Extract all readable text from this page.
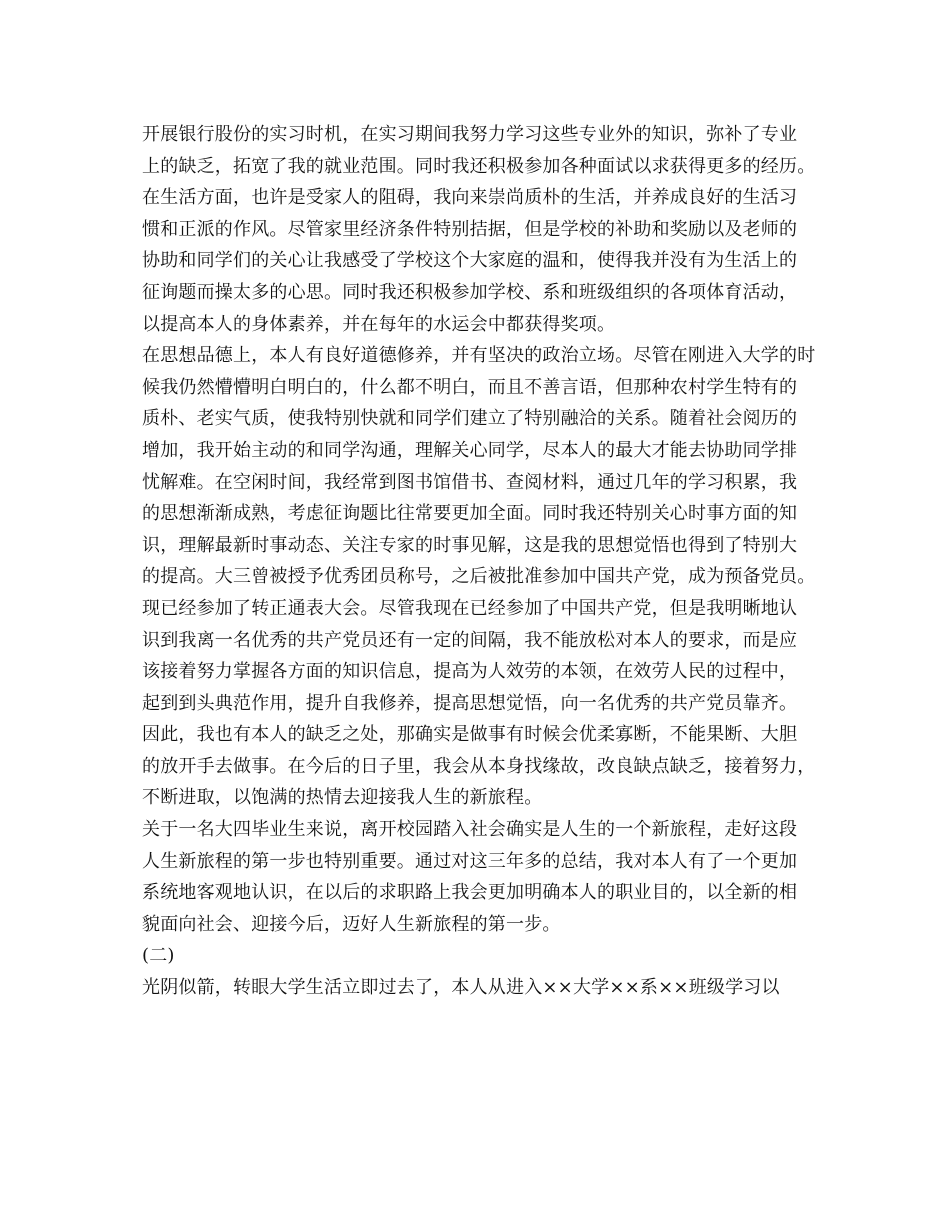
开展银行股份的实习时机，在实习期间我努力学习这些专业外的知识，弥补了专业
上的缺乏，拓宽了我的就业范围。同时我还积极参加各种面试以求获得更多的经历。
在生活方面，也许是受家人的阻碍，我向来崇尚质朴的生活，并养成良好的生活习
惯和正派的作风。尽管家里经济条件特别拮据，但是学校的补助和奖励以及老师的
协助和同学们的关心让我感受了学校这个大家庭的温和，使得我并没有为生活上的
征询题而操太多的心思。同时我还积极参加学校、系和班级组织的各项体育活动，
以提高本人的身体素养，并在每年的水运会中都获得奖项。
在思想品德上，本人有良好道德修养，并有坚决的政治立场。尽管在刚进入大学的时
候我仍然懵懵明白明白的，什么都不明白，而且不善言语，但那种农村学生特有的
质朴、老实气质，使我特别快就和同学们建立了特别融洽的关系。随着社会阅历的
增加，我开始主动的和同学沟通，理解关心同学，尽本人的最大才能去协助同学排
忧解难。在空闲时间，我经常到图书馆借书、查阅材料，通过几年的学习积累，我
的思想渐渐成熟，考虑征询题比往常要更加全面。同时我还特别关心时事方面的知
识，理解最新时事动态、关注专家的时事见解，这是我的思想觉悟也得到了特别大
的提高。大三曾被授予优秀团员称号，之后被批准参加中国共产党，成为预备党员。
现已经参加了转正通表大会。尽管我现在已经参加了中国共产党，但是我明晰地认
识到我离一名优秀的共产党员还有一定的间隔，我不能放松对本人的要求，而是应
该接着努力掌握各方面的知识信息，提高为人效劳的本领，在效劳人民的过程中，
起到到头典范作用，提升自我修养，提高思想觉悟，向一名优秀的共产党员靠齐。
因此，我也有本人的缺乏之处，那确实是做事有时候会优柔寡断，不能果断、大胆
的放开手去做事。在今后的日子里，我会从本身找缘故，改良缺点缺乏，接着努力，
不断进取，以饱满的热情去迎接我人生的新旅程。
关于一名大四毕业生来说，离开校园踏入社会确实是人生的一个新旅程，走好这段
人生新旅程的第一步也特别重要。通过对这三年多的总结，我对本人有了一个更加
系统地客观地认识，在以后的求职路上我会更加明确本人的职业目的，以全新的相
貌面向社会、迎接今后，迈好人生新旅程的第一步。
(二)
光阴似箭，转眼大学生活立即过去了，本人从进入××大学××系××班级学习以
